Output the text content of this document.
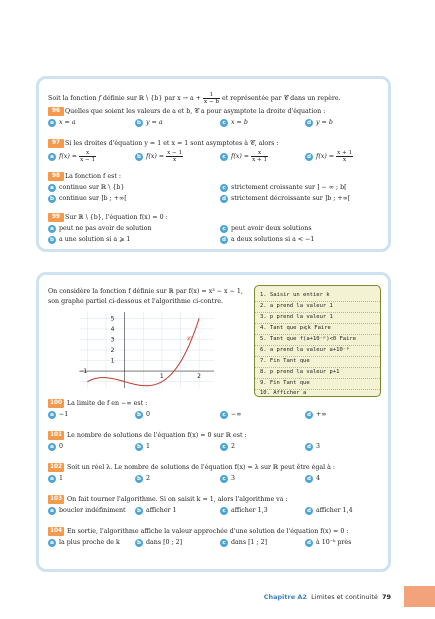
Soit la fonction f définie sur ℝ \ {b} par $x \to a + \frac{1}{x - b}$ et représentée par 𝒞 dans un repère.
96 Quelles que soient les valeurs de a et b, 𝒞 a pour asymptote la droite d'équation :
a x = a	b y = a	c x = b	d y = b
97 Si les droites d'équation y = 1 et x = 1 sont asymptotes à 𝒞, alors :
a $f(x) = \frac{x}{x - 1}$	b $f(x) = \frac{x - 1}{x}$	c $f(x) = \frac{x}{x + 1}$	d $f(x) = \frac{x + 1}{x}$
98 La fonction f est :
a continue sur ℝ \ {b}
b continue sur ]b ; +∞[
c strictement croissante sur ] − ∞ ; b[
d strictement décroissante sur ]b ; +∞[
99 Sur ℝ \ {b}, l'équation f(x) = 0 :
a peut ne pas avoir de solution
b a une solution si a ⩾ 1
c peut avoir deux solutions
d a deux solutions si a < −1
On considère la fonction f définie sur ℝ par f(x) = x³ − x − 1,
son graphe partiel ci-dessous et l'algorithme ci-contre.
5
4
3
2
1
−1
1	2
𝒞
1. Saisir un entier k
2. a prend la valeur 1
3. p prend la valeur 1
4. Tant que p⩽k Faire
5. Tant que f(a+10⁻ᵖ)<0 Faire
6. a prend la valeur a+10⁻ᵖ
7. Fin Tant que
8. p prend la valeur p+1
9. Fin Tant que
10. Afficher a
100 La limite de f en −∞ est :
a −1	b 0	c −∞	d +∞
101 Le nombre de solutions de l'équation f(x) = 0 sur ℝ est :
a 0	b 1	c 2	d 3
102 Soit un réel λ. Le nombre de solutions de l'équation f(x) = λ sur ℝ peut être égal à :
a 1	b 2	c 3	d 4
103 On fait tourner l'algorithme. Si on saisit k = 1, alors l'algorithme va :
a boucler indéfiniment	b afficher 1	c afficher 1,3	d afficher 1,4
104 En sortie, l'algorithme affiche la valeur approchée d'une solution de l'équation f(x) = 0 :
a la plus proche de k	b dans [0 ; 2]	c dans [1 ; 2]	d à 10⁻ᵏ près
Chapitre A2 Limites et continuité 79
